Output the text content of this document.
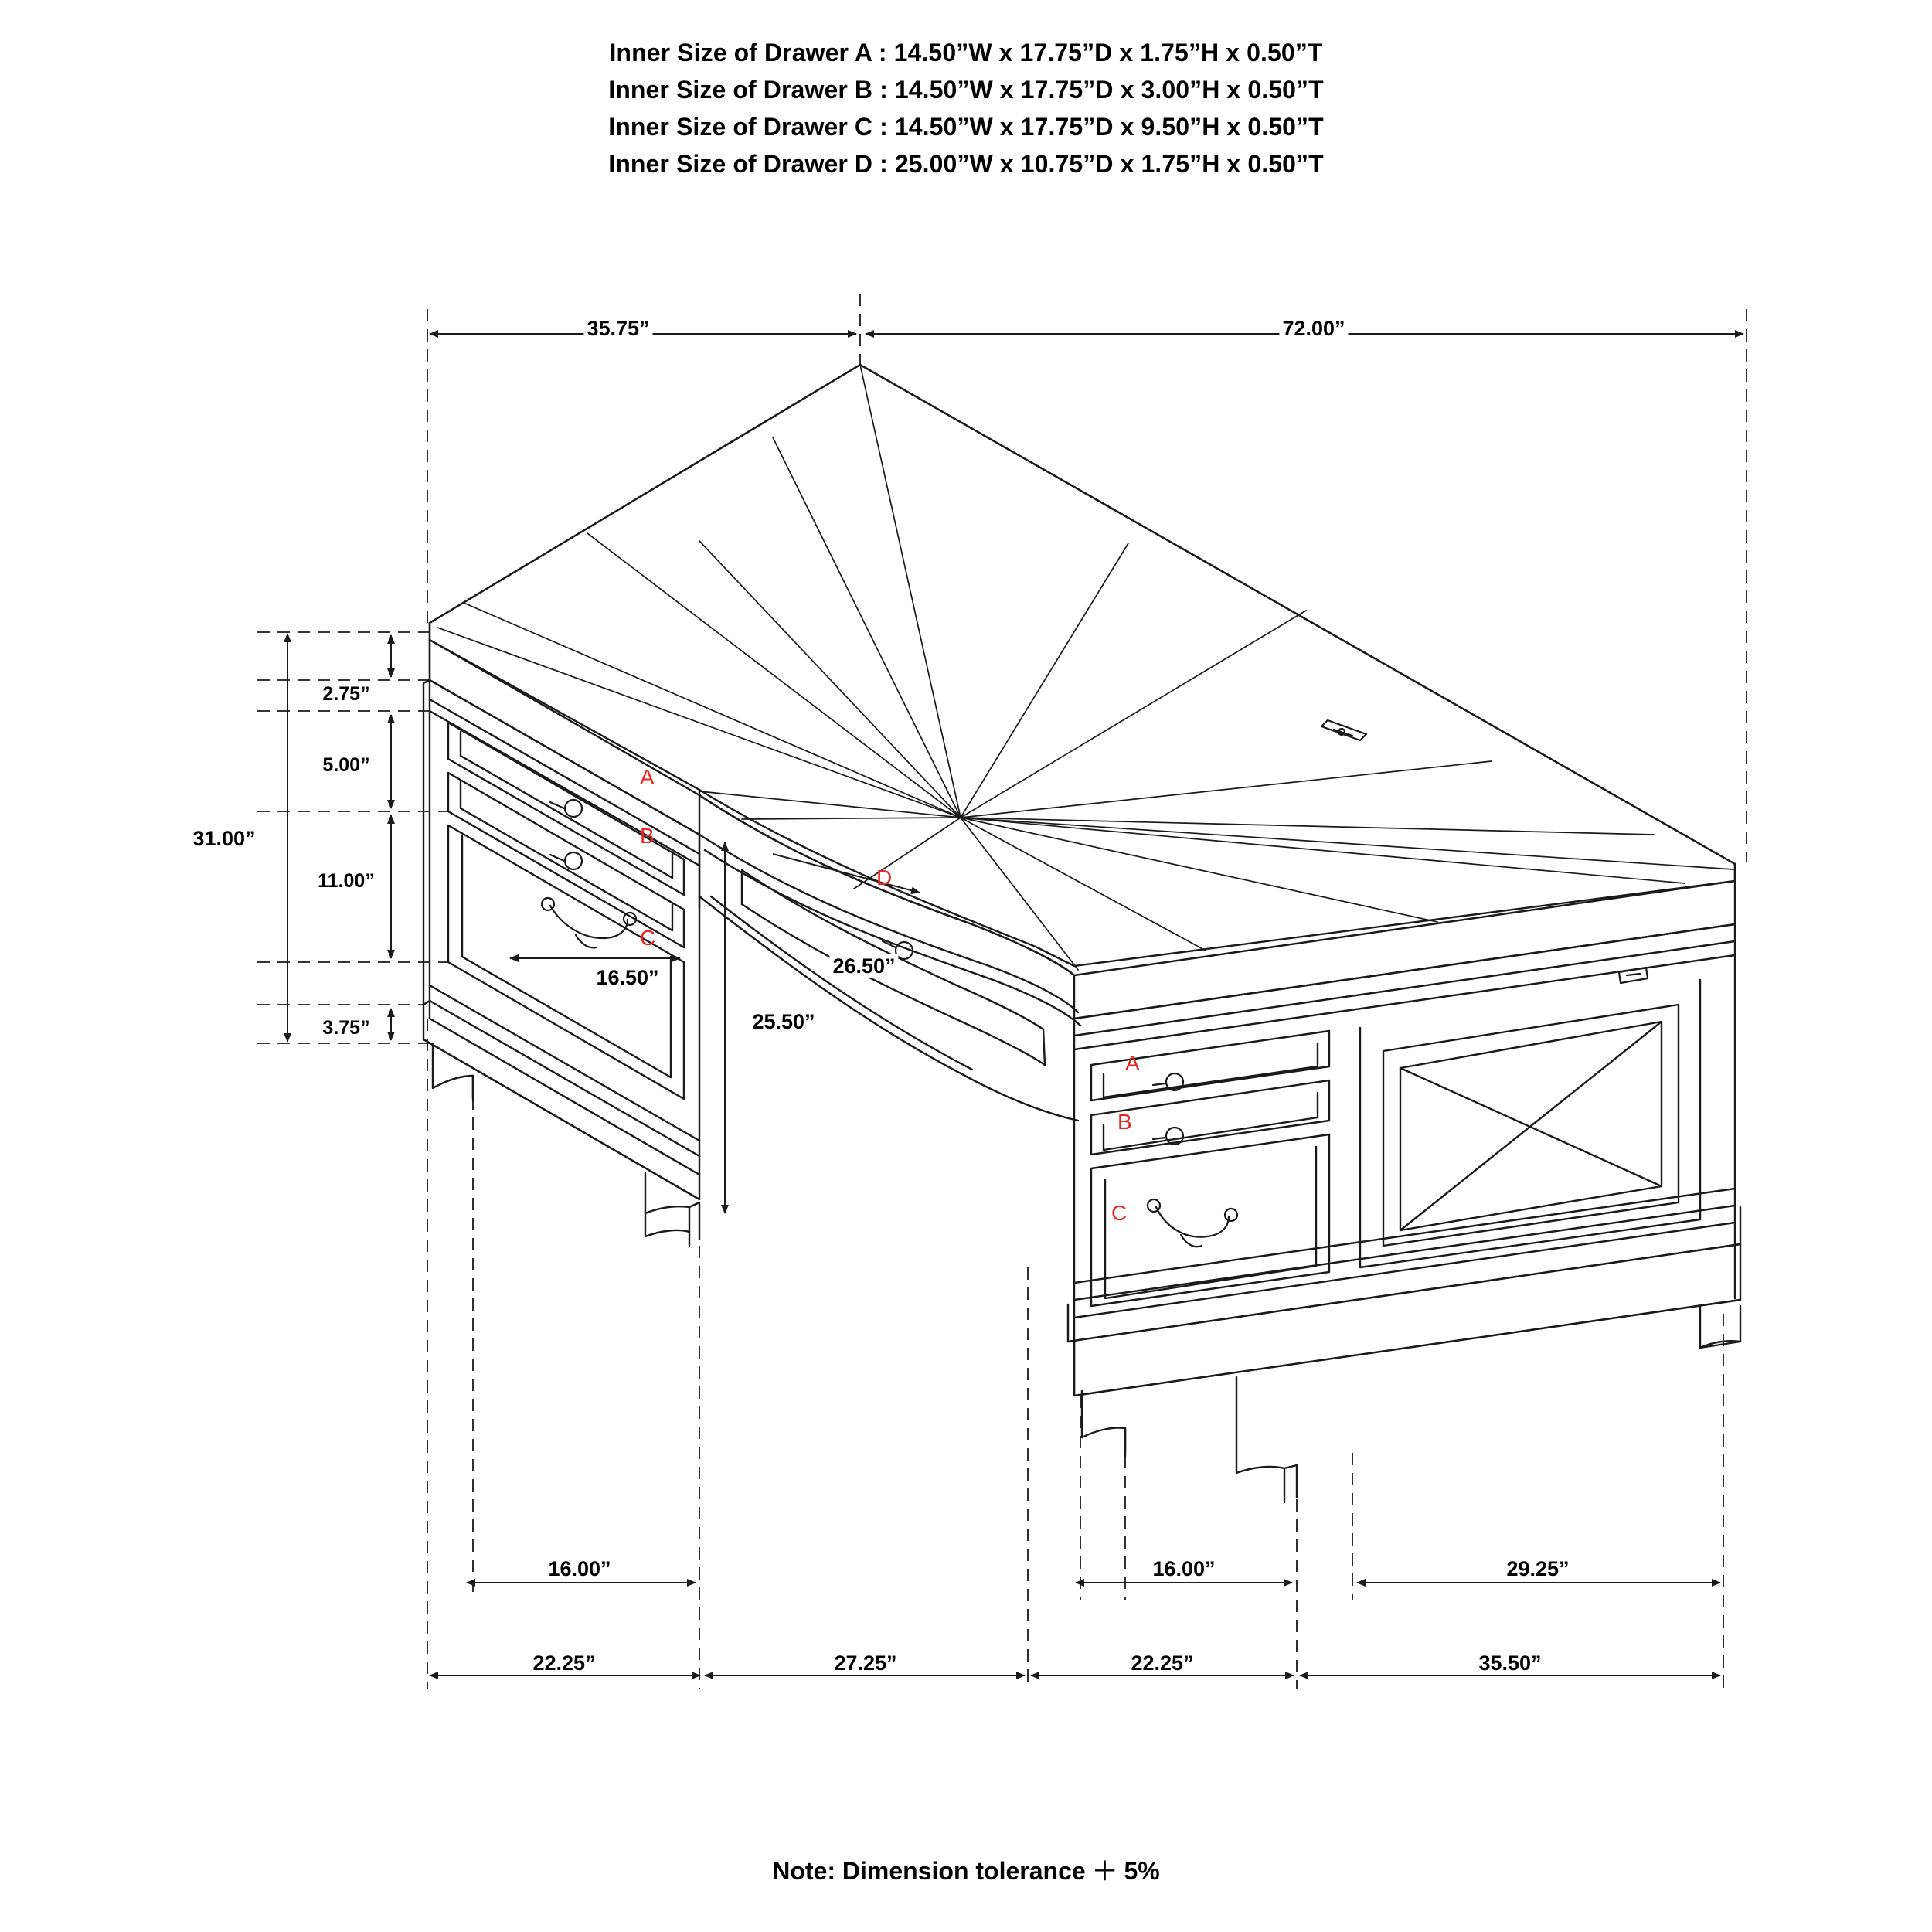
Inner Size of Drawer A : 14.50”W x 17.75”D x 1.75”H x 0.50”T
Inner Size of Drawer B : 14.50”W x 17.75”D x 3.00”H x 0.50”T
Inner Size of Drawer C : 14.50”W x 17.75”D x 9.50”H x 0.50”T
Inner Size of Drawer D : 25.00”W x 10.75”D x 1.75”H x 0.50”T
35.75”	72.00”
31.00”
2.75”
5.00”
11.00”
3.75”
16.50”
25.50”
26.50”
16.00”	16.00”	29.25”
22.25”	27.25”	22.25”	35.50”
A
B
C
D
A
B
C
Note: Dimension tolerance ＋ 5%
